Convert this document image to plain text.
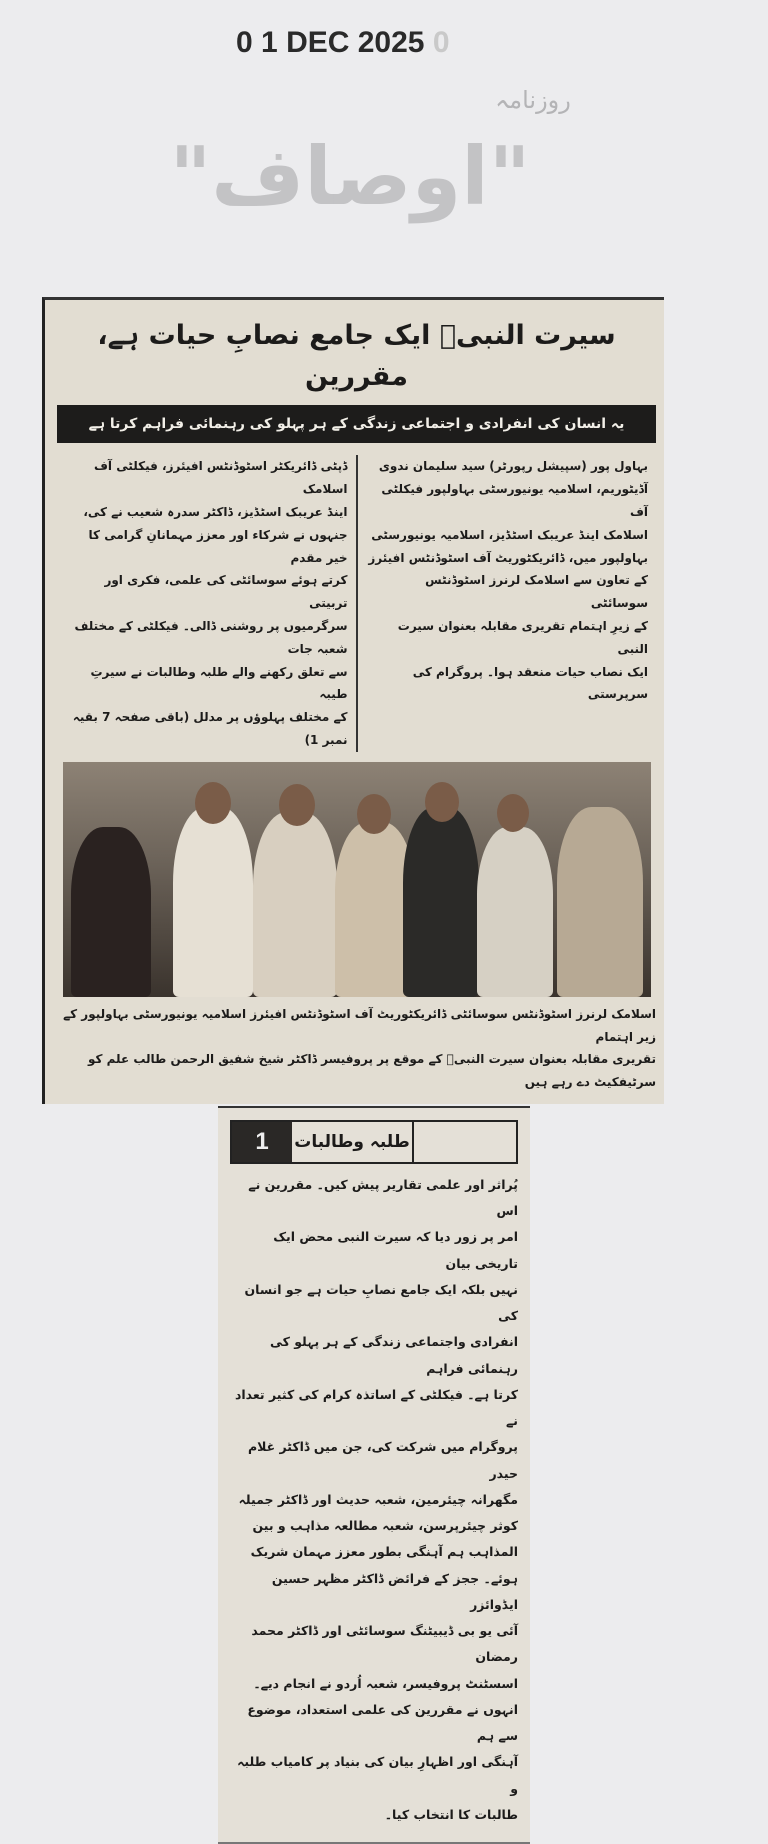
0 1 DEC 2025 0
روزنامہ
"اوصاف"
سیرت النبیؐ ایک جامع نصابِ حیات ہے، مقررین
یہ انسان کی انفرادی و اجتماعی زندگی کے ہر پہلو کی رہنمائی فراہم کرتا ہے
بہاول پور (سپیشل رپورٹر) سید سلیمان ندوی
آڈیٹوریم، اسلامیہ یونیورسٹی بہاولپور فیکلٹی آف
اسلامک اینڈ عریبک اسٹڈیز، اسلامیہ یونیورسٹی
بہاولپور میں، ڈائریکٹوریٹ آف اسٹوڈنٹس افیئرز
کے تعاون سے اسلامک لرنرز اسٹوڈنٹس سوسائٹی
کے زیرِ اہتمام تقریری مقابلہ بعنوان سیرت النبی
ایک نصاب حیات منعقد ہوا۔ پروگرام کی سرپرستی
ڈپٹی ڈائریکٹر اسٹوڈنٹس افیئرز، فیکلٹی آف اسلامک
اینڈ عریبک اسٹڈیز، ڈاکٹر سدرہ شعیب نے کی،
جنہوں نے شرکاء اور معزز مہمانانِ گرامی کا خیر مقدم
کرتے ہوئے سوسائٹی کی علمی، فکری اور تربیتی
سرگرمیوں پر روشنی ڈالی۔ فیکلٹی کے مختلف شعبہ جات
سے تعلق رکھنے والے طلبہ وطالبات نے سیرتِ طیبہ
کے مختلف پہلوؤں پر مدلل (باقی صفحہ 7 بقیہ نمبر 1)
اسلامک لرنرز اسٹوڈنٹس سوسائٹی ڈائریکٹوریٹ آف اسٹوڈنٹس افیئرز اسلامیہ یونیورسٹی بہاولپور کے زیر اہتمام
تقریری مقابلہ بعنوان سیرت النبیؐ کے موقع پر پروفیسر ڈاکٹر شیخ شفیق الرحمن طالب علم کو سرٹیفکیٹ دے رہے ہیں
1	طلبہ وطالبات
پُراثر اور علمی تقاریر پیش کیں۔ مقررین نے اس
امر پر زور دیا کہ سیرت النبی محض ایک تاریخی بیان
نہیں بلکہ ایک جامع نصابِ حیات ہے جو انسان کی
انفرادی واجتماعی زندگی کے ہر پہلو کی رہنمائی فراہم
کرتا ہے۔ فیکلٹی کے اساتذہ کرام کی کثیر تعداد نے
پروگرام میں شرکت کی، جن میں ڈاکٹر غلام حیدر
مگھرانہ چیئرمین، شعبہ حدیث اور ڈاکٹر جمیلہ
کوثر چیئرپرسن، شعبہ مطالعہ مذاہب و بین
المذاہب ہم آہنگی بطور معزز مہمان شریک
ہوئے۔ ججز کے فرائض ڈاکٹر مظہر حسین ایڈوائزر
آئی یو بی ڈیبیٹنگ سوسائٹی اور ڈاکٹر محمد رمضان
اسسٹنٹ پروفیسر، شعبہ اُردو نے انجام دیے۔
انہوں نے مقررین کی علمی استعداد، موضوع سے ہم
آہنگی اور اظہارِ بیان کی بنیاد پر کامیاب طلبہ و
طالبات کا انتخاب کیا۔
